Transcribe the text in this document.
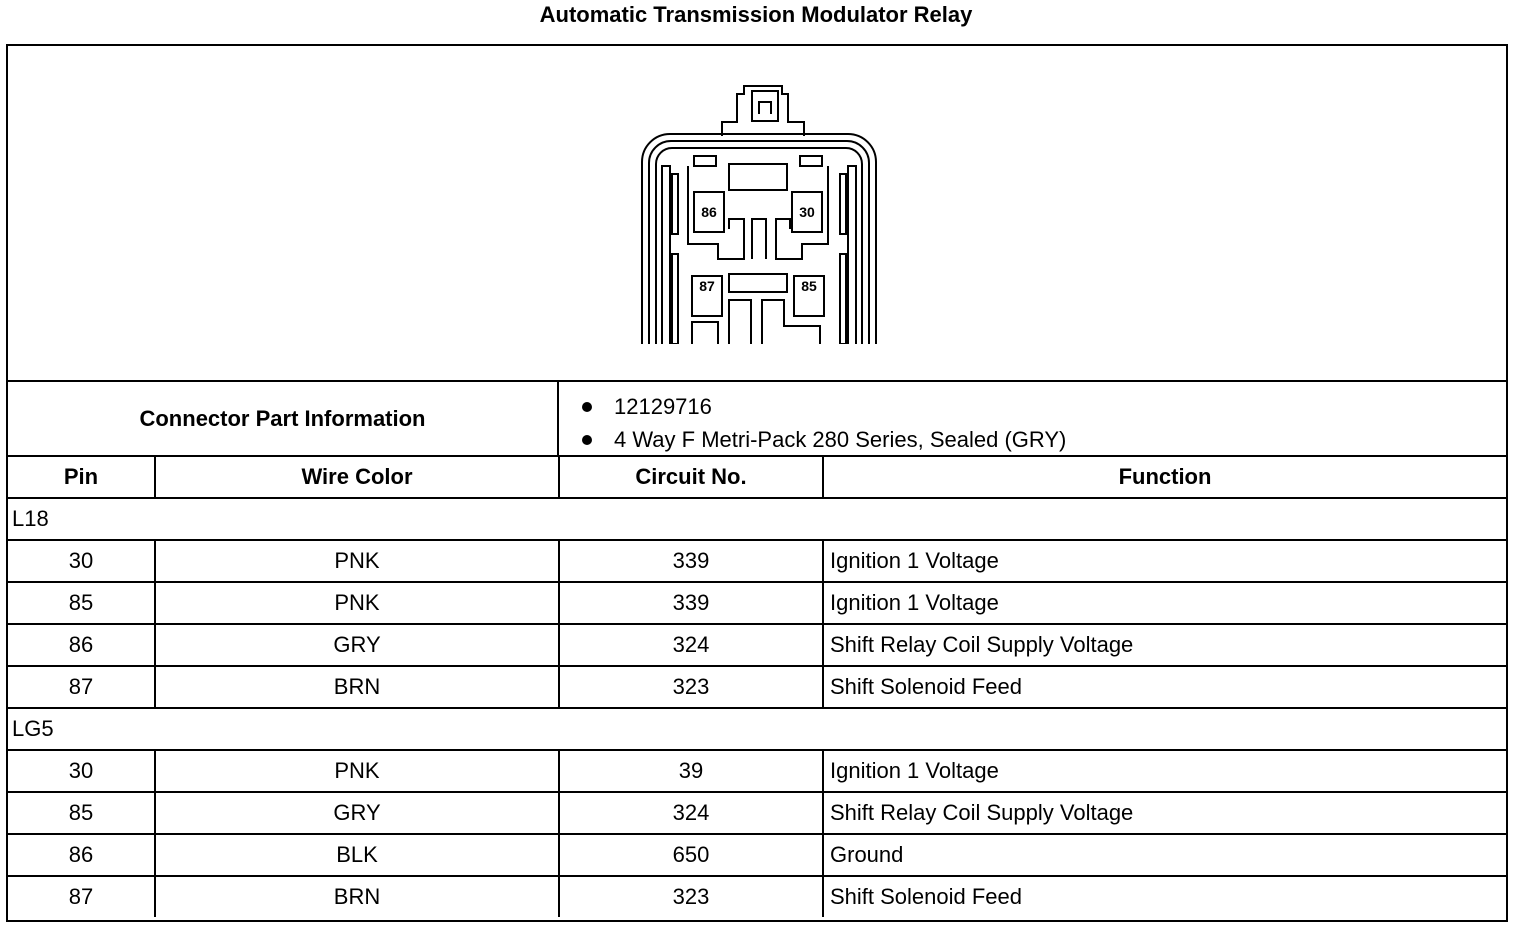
Automatic Transmission Modulator Relay
86	30
87	85
Connector Part Information	12129716
4 Way F Metri-Pack 280 Series, Sealed (GRY)
Pin	Wire Color	Circuit No.	Function
L18			
30	PNK	339	Ignition 1 Voltage
85	PNK	339	Ignition 1 Voltage
86	GRY	324	Shift Relay Coil Supply Voltage
87	BRN	323	Shift Solenoid Feed
LG5			
30	PNK	39	Ignition 1 Voltage
85	GRY	324	Shift Relay Coil Supply Voltage
86	BLK	650	Ground
87	BRN	323	Shift Solenoid Feed
